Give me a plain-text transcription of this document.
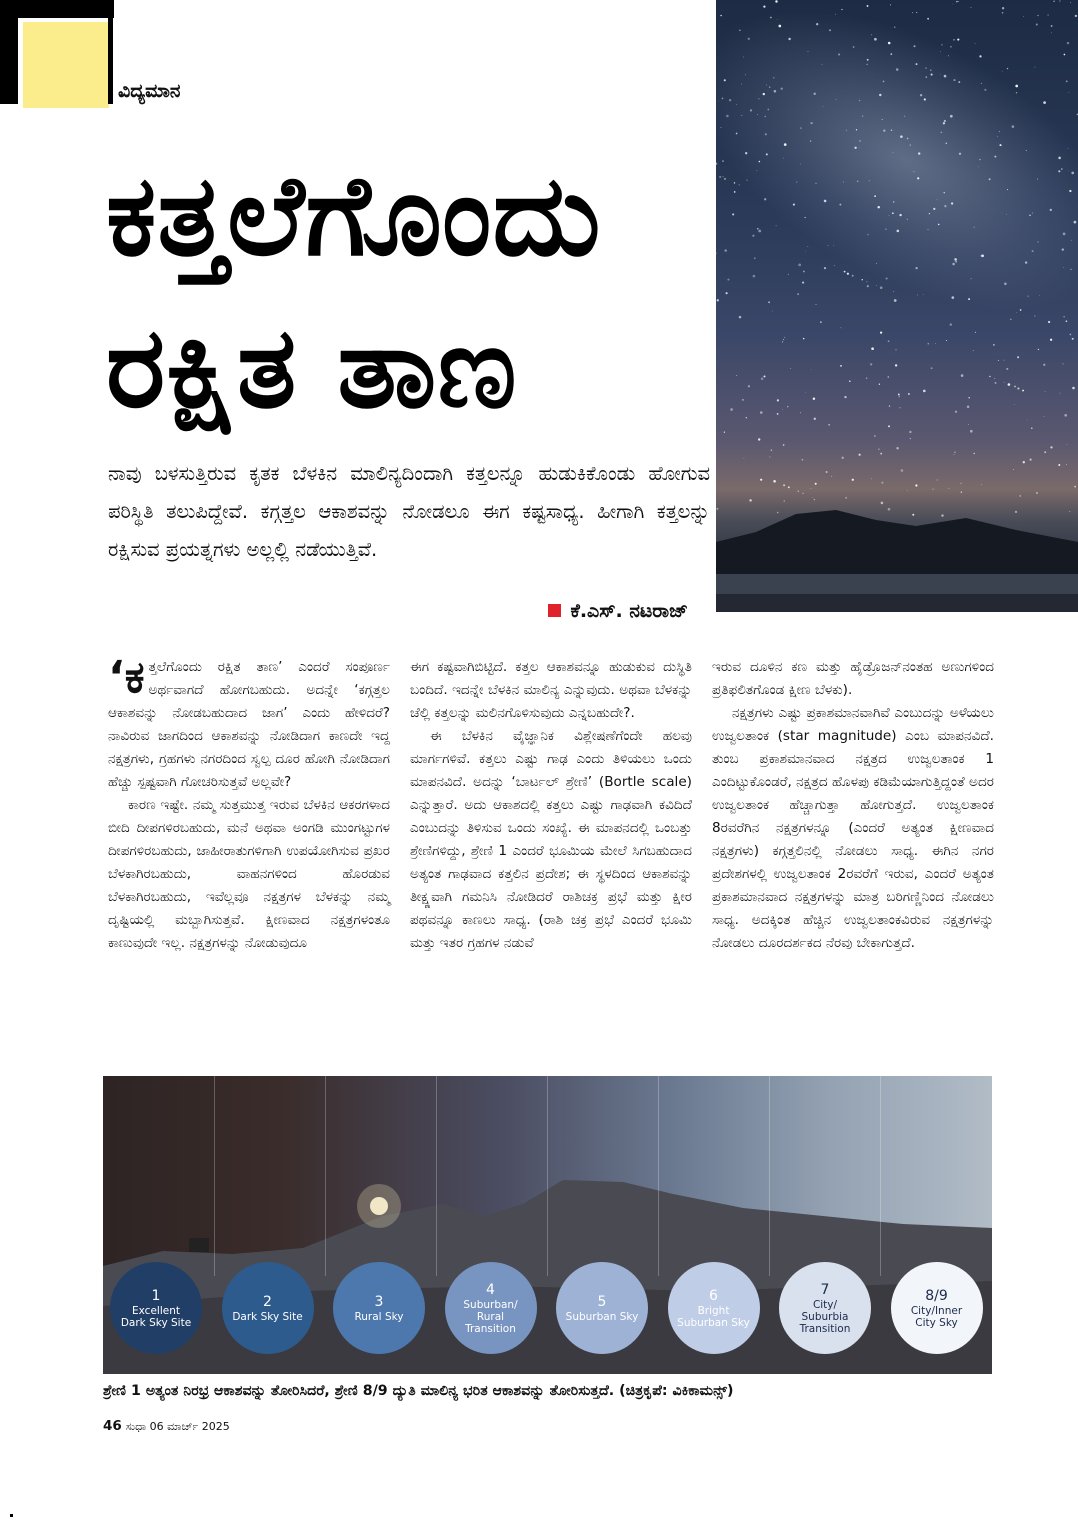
ವಿದ್ಯಮಾನ
ಕತ್ತಲೆಗೊಂದು
ರಕ್ಷಿತ ತಾಣ
ನಾವು ಬಳಸುತ್ತಿರುವ ಕೃತಕ ಬೆಳಕಿನ ಮಾಲಿನ್ಯದಿಂದಾಗಿ ಕತ್ತಲನ್ನೂ ಹುಡುಕಿಕೊಂಡು ಹೋಗುವ ಪರಿಸ್ಥಿತಿ ತಲುಪಿದ್ದೇವೆ. ಕಗ್ಗತ್ತಲ ಆಕಾಶವನ್ನು ನೋಡಲೂ ಈಗ ಕಷ್ಟಸಾಧ್ಯ. ಹೀಗಾಗಿ ಕತ್ತಲನ್ನು ರಕ್ಷಿಸುವ ಪ್ರಯತ್ನಗಳು ಅಲ್ಲಲ್ಲಿ ನಡೆಯುತ್ತಿವೆ.
ಕೆ.ಎಸ್‌. ನಟರಾಜ್

‘ಕತ್ತಲೆಗೊಂದು ರಕ್ಷಿತ ತಾಣ’ ಎಂದರೆ ಸಂಪೂರ್ಣ ಅರ್ಥವಾಗದೆ ಹೋಗಬಹುದು. ಅದನ್ನೇ ‘ಕಗ್ಗತ್ತಲ ಆಕಾಶವನ್ನು ನೋಡಬಹುದಾದ ಜಾಗ’ ಎಂದು ಹೇಳಿದರೆ? ನಾವಿರುವ ಜಾಗದಿಂದ ಆಕಾಶವನ್ನು ನೋಡಿದಾಗ ಕಾಣದೇ ಇದ್ದ ನಕ್ಷತ್ರಗಳು, ಗ್ರಹಗಳು ನಗರದಿಂದ ಸ್ವಲ್ಪ ದೂರ ಹೋಗಿ ನೋಡಿದಾಗ ಹೆಚ್ಚು ಸ್ಪಷ್ಟವಾಗಿ ಗೋಚರಿಸುತ್ತವೆ ಅಲ್ಲವೇ?

ಕಾರಣ ಇಷ್ಟೇ. ನಮ್ಮ ಸುತ್ತಮುತ್ತ ಇರುವ ಬೆಳಕಿನ ಆಕರಗಳಾದ ಬೀದಿ ದೀಪಗಳಿರಬಹುದು, ಮನೆ ಅಥವಾ ಅಂಗಡಿ ಮುಂಗಟ್ಟುಗಳ ದೀಪಗಳಿರಬಹುದು, ಜಾಹೀರಾತುಗಳಿಗಾಗಿ ಉಪಯೋಗಿಸುವ ಪ್ರಖರ ಬೆಳಕಾಗಿರಬಹುದು, ವಾಹನಗಳಿಂದ ಹೊರಡುವ ಬೆಳಕಾಗಿರಬಹುದು, ಇವೆಲ್ಲವೂ ನಕ್ಷತ್ರಗಳ ಬೆಳಕನ್ನು ನಮ್ಮ ದೃಷ್ಟಿಯಲ್ಲಿ ಮಬ್ಬಾಗಿಸುತ್ತವೆ. ಕ್ಷೀಣವಾದ ನಕ್ಷತ್ರಗಳಂತೂ ಕಾಣುವುದೇ ಇಲ್ಲ. ನಕ್ಷತ್ರಗಳನ್ನು ನೋಡುವುದೂ

ಈಗ ಕಷ್ಟವಾಗಿಬಿಟ್ಟಿದೆ. ಕತ್ತಲ ಆಕಾಶವನ್ನೂ ಹುಡುಕುವ ದುಸ್ಥಿತಿ ಬಂದಿದೆ. ಇದನ್ನೇ ಬೆಳಕಿನ ಮಾಲಿನ್ಯ ಎನ್ನುವುದು. ಅಥವಾ ಬೆಳಕನ್ನು ಚೆಲ್ಲಿ ಕತ್ತಲನ್ನು ಮಲಿನಗೊಳಿಸುವುದು ಎನ್ನಬಹುದೇ?.

ಈ ಬೆಳಕಿನ ವೈಜ್ಞಾನಿಕ ವಿಶ್ಲೇಷಣೆಗೆಂದೇ ಹಲವು ಮಾರ್ಗಗಳಿವೆ. ಕತ್ತಲು ಎಷ್ಟು ಗಾಢ ಎಂದು ತಿಳಿಯಲು ಒಂದು ಮಾಪನವಿದೆ. ಅದನ್ನು ‘ಬಾರ್ಟಲ್ ಶ್ರೇಣಿ’ (Bortle scale) ಎನ್ನುತ್ತಾರೆ. ಅದು ಆಕಾಶದಲ್ಲಿ ಕತ್ತಲು ಎಷ್ಟು ಗಾಢವಾಗಿ ಕವಿದಿದೆ ಎಂಬುದನ್ನು ತಿಳಿಸುವ ಒಂದು ಸಂಖ್ಯೆ. ಈ ಮಾಪನದಲ್ಲಿ ಒಂಬತ್ತು ಶ್ರೇಣಿಗಳಿದ್ದು, ಶ್ರೇಣಿ 1 ಎಂದರೆ ಭೂಮಿಯ ಮೇಲೆ ಸಿಗಬಹುದಾದ ಅತ್ಯಂತ ಗಾಢವಾದ ಕತ್ತಲಿನ ಪ್ರದೇಶ; ಈ ಸ್ಥಳದಿಂದ ಆಕಾಶವನ್ನು ತೀಕ್ಷ್ಣವಾಗಿ ಗಮನಿಸಿ ನೋಡಿದರೆ ರಾಶಿಚಕ್ರ ಪ್ರಭೆ ಮತ್ತು ಕ್ಷೀರ ಪಥವನ್ನೂ ಕಾಣಲು ಸಾಧ್ಯ. (ರಾಶಿ ಚಕ್ರ ಪ್ರಭೆ ಎಂದರೆ ಭೂಮಿ ಮತ್ತು ಇತರ ಗ್ರಹಗಳ ನಡುವೆ

ಇರುವ ದೂಳಿನ ಕಣ ಮತ್ತು ಹೈಡ್ರೊಜನ್‌ನಂತಹ ಅಣುಗಳಿಂದ ಪ್ರತಿಫಲಿತಗೊಂಡ ಕ್ಷೀಣ ಬೆಳಕು).

ನಕ್ಷತ್ರಗಳು ಎಷ್ಟು ಪ್ರಕಾಶಮಾನವಾಗಿವೆ ಎಂಬುದನ್ನು ಅಳೆಯಲು ಉಜ್ವಲತಾಂಕ (star magnitude) ಎಂಬ ಮಾಪನವಿದೆ. ತುಂಬ ಪ್ರಕಾಶಮಾನವಾದ ನಕ್ಷತ್ರದ ಉಜ್ವಲತಾಂಕ 1 ಎಂದಿಟ್ಟುಕೊಂಡರೆ, ನಕ್ಷತ್ರದ ಹೊಳಪು ಕಡಿಮೆಯಾಗುತ್ತಿದ್ದಂತೆ ಅದರ ಉಜ್ವಲತಾಂಕ ಹೆಚ್ಚಾಗುತ್ತಾ ಹೋಗುತ್ತದೆ. ಉಜ್ವಲತಾಂಕ 8ರವರೆಗಿನ ನಕ್ಷತ್ರಗಳನ್ನೂ (ಎಂದರೆ ಅತ್ಯಂತ ಕ್ಷೀಣವಾದ ನಕ್ಷತ್ರಗಳು) ಕಗ್ಗತ್ತಲಿನಲ್ಲಿ ನೋಡಲು ಸಾಧ್ಯ. ಈಗಿನ ನಗರ ಪ್ರದೇಶಗಳಲ್ಲಿ ಉಜ್ವಲತಾಂಕ 2ರವರೆಗೆ ಇರುವ, ಎಂದರೆ ಅತ್ಯಂತ ಪ್ರಕಾಶಮಾನವಾದ ನಕ್ಷತ್ರಗಳನ್ನು ಮಾತ್ರ ಬರಿಗಣ್ಣಿನಿಂದ ನೋಡಲು ಸಾಧ್ಯ. ಅದಕ್ಕಿಂತ ಹೆಚ್ಚಿನ ಉಜ್ವಲತಾಂಕವಿರುವ ನಕ್ಷತ್ರಗಳನ್ನು ನೋಡಲು ದೂರದರ್ಶಕದ ನೆರವು ಬೇಕಾಗುತ್ತದೆ.

1
Excellent Dark Sky Site
2
Dark Sky Site
3
Rural Sky
4
Suburban/ Rural Transition
5
Suburban Sky
6
Bright Suburban Sky
7
City/ Suburbia Transition
8/9
City/Inner City Sky
ಶ್ರೇಣಿ 1 ಅತ್ಯಂತ ನಿರಭ್ರ ಆಕಾಶವನ್ನು ತೋರಿಸಿದರೆ, ಶ್ರೇಣಿ 8/9 ದ್ಯುತಿ ಮಾಲಿನ್ಯ ಭರಿತ ಆಕಾಶವನ್ನು ತೋರಿಸುತ್ತದೆ. (ಚಿತ್ರಕೃಪೆ: ವಿಕಿಕಾಮನ್ಸ್)
46 ಸುಧಾ 06 ಮಾರ್ಚ್ 2025
